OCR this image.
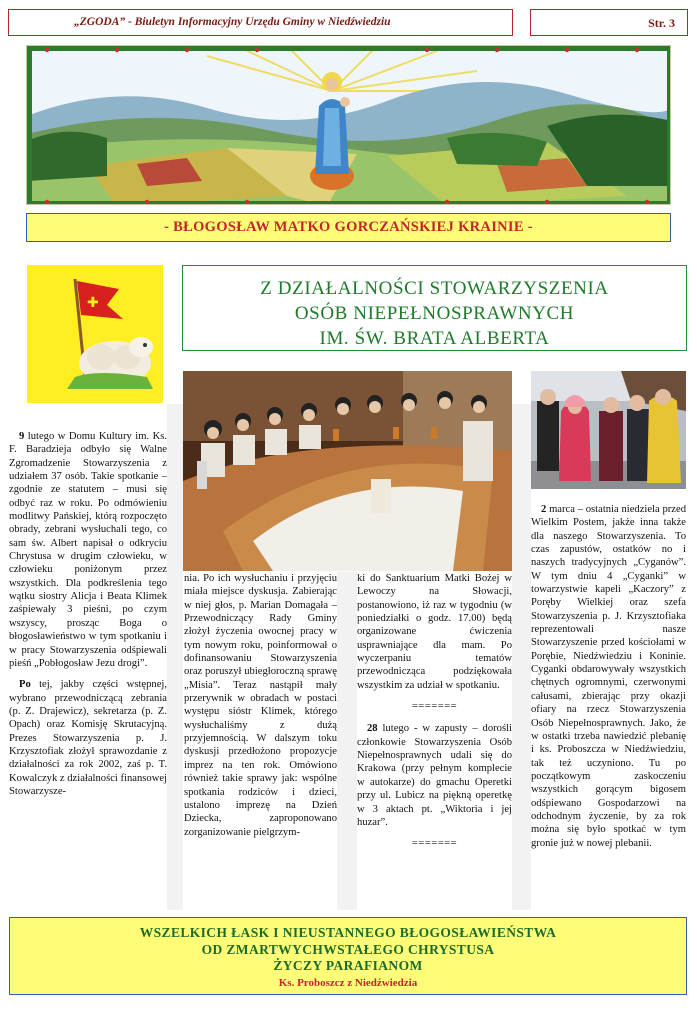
„ZGODA” - Biuletyn Informacyjny Urzędu Gminy w Niedźwiedziu	Str. 3
- BŁOGOSŁAW MATKO GORCZAŃSKIEJ KRAINIE -
✚
Z DZIAŁALNOŚCI STOWARZYSZENIA
OSÓB NIEPEŁNOSPRAWNYCH
IM. ŚW. BRATA ALBERTA

9 lutego w Domu Kultury im. Ks. F. Baradzieja odbyło się Walne Zgromadzenie Stowarzyszenia z udziałem 37 osób. Takie spotkanie – zgodnie ze statutem – musi się odbyć raz w roku. Po odmówieniu modlitwy Pańskiej, którą rozpoczęto obrady, zebrani wysłuchali tego, co sam św. Albert napisał o odkryciu Chrystusa w drugim człowieku, w człowieku poniżonym przez wszystkich. Dla podkreślenia tego wątku siostry Alicja i Beata Klimek zaśpiewały 3 pieśni, po czym wszyscy, prosząc Boga o błogosławieństwo w tym spotkaniu i w pracy Stowarzyszenia odśpiewali pieśń „Pobłogosław Jezu drogi”.

Po tej, jakby części wstępnej, wybrano przewodniczącą zebrania (p. Z. Drajewicz), sekretarza (p. Z. Opach) oraz Komisję Skrutacyjną. Prezes Stowarzyszenia p. J. Krzysztofiak złożył sprawozdanie z działalności za rok 2002, zaś p. T. Kowalczyk z działalności finansowej Stowarzysze-

nia. Po ich wysłuchaniu i przyjęciu miała miejsce dyskusja. Zabierając w niej głos, p. Marian Domagała – Przewodniczący Rady Gminy złożył życzenia owocnej pracy w tym nowym roku, poinformował o dofinansowaniu Stowarzyszenia oraz poruszył ubiegłoroczną sprawę „Misia”. Teraz nastąpił mały przerywnik w obradach w postaci występu sióstr Klimek, którego wysłuchaliśmy z dużą przyjemnością. W dalszym toku dyskusji przedłożono propozycje imprez na ten rok. Omówiono również takie sprawy jak: wspólne spotkania rodziców i dzieci, ustalono imprezę na Dzień Dziecka, zaproponowano zorganizowanie pielgrzym-

ki do Sanktuarium Matki Bożej w Lewoczy na Słowacji, postanowiono, iż raz w tygodniu (w poniedziałki o godz. 17.00) będą organizowane ćwiczenia usprawniające dla mam. Po wyczerpaniu tematów przewodnicząca podziękowała wszystkim za udział w spotkaniu.

=======

28 lutego - w zapusty – dorośli członkowie Stowarzyszenia Osób Niepełnosprawnych udali się do Krakowa (przy pełnym komplecie w autokarze) do gmachu Operetki przy ul. Lubicz na piękną operetkę w 3 aktach pt. „Wiktoria i jej huzar”.

=======

2 marca – ostatnia niedziela przed Wielkim Postem, jakże inna także dla naszego Stowarzyszenia. To czas zapustów, ostatków no i naszych tradycyjnych „Cyganów”. W tym dniu 4 „Cyganki” w towarzystwie kapeli „Kaczory” z Poręby Wielkiej oraz szefa Stowarzyszenia p. J. Krzysztofiaka reprezentowali nasze Stowarzyszenie przed kościołami w Porębie, Niedźwiedziu i Koninie. Cyganki obdarowywały wszystkich chętnych ogromnymi, czerwonymi całusami, zbierając przy okazji ofiary na rzecz Stowarzyszenia Osób Niepełnosprawnych. Jako, że w ostatki trzeba nawiedzić plebanię i ks. Proboszcza w Niedźwiedziu, tak też uczyniono. Tu po początkowym zaskoczeniu wszystkich gorącym bigosem odśpiewano Gospodarzowi na odchodnym życzenie, by za rok można się było spotkać w tym gronie już w nowej plebanii.

WSZELKICH ŁASK I NIEUSTANNEGO BŁOGOSŁAWIEŃSTWA
OD ZMARTWYCHWSTAŁEGO CHRYSTUSA
ŻYCZY PARAFIANOM
Ks. Proboszcz z Niedźwiedzia
